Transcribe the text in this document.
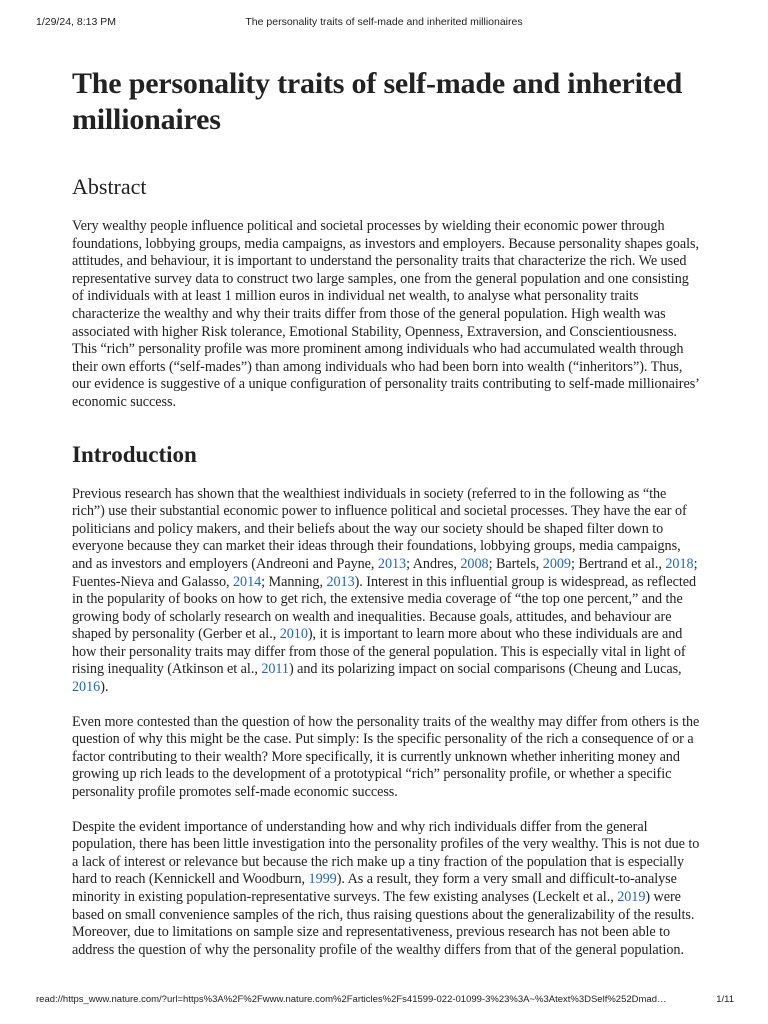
1/29/24, 8:13 PM	The personality traits of self-made and inherited millionaires
The personality traits of self-made and inherited millionaires
Abstract

Very wealthy people influence political and societal processes by wielding their economic power through foundations, lobbying groups, media campaigns, as investors and employers. Because personality shapes goals, attitudes, and behaviour, it is important to understand the personality traits that characterize the rich. We used representative survey data to construct two large samples, one from the general population and one consisting of individuals with at least 1 million euros in individual net wealth, to analyse what personality traits characterize the wealthy and why their traits differ from those of the general population. High wealth was associated with higher Risk tolerance, Emotional Stability, Openness, Extraversion, and Conscientiousness. This “rich” personality profile was more prominent among individuals who had accumulated wealth through their own efforts (“self-mades”) than among individuals who had been born into wealth (“inheritors”). Thus, our evidence is suggestive of a unique configuration of personality traits contributing to self-made millionaires’ economic success.

Introduction

Previous research has shown that the wealthiest individuals in society (referred to in the following as “the rich”) use their substantial economic power to influence political and societal processes. They have the ear of politicians and policy makers, and their beliefs about the way our society should be shaped filter down to everyone because they can market their ideas through their foundations, lobbying groups, media campaigns, and as investors and employers (Andreoni and Payne, 2013; Andres, 2008; Bartels, 2009; Bertrand et al., 2018; Fuentes-Nieva and Galasso, 2014; Manning, 2013). Interest in this influential group is widespread, as reflected in the popularity of books on how to get rich, the extensive media coverage of “the top one percent,” and the growing body of scholarly research on wealth and inequalities. Because goals, attitudes, and behaviour are shaped by personality (Gerber et al., 2010), it is important to learn more about who these individuals are and how their personality traits may differ from those of the general population. This is especially vital in light of rising inequality (Atkinson et al., 2011) and its polarizing impact on social comparisons (Cheung and Lucas, 2016).

Even more contested than the question of how the personality traits of the wealthy may differ from others is the question of why this might be the case. Put simply: Is the specific personality of the rich a consequence of or a factor contributing to their wealth? More specifically, it is currently unknown whether inheriting money and growing up rich leads to the development of a prototypical “rich” personality profile, or whether a specific personality profile promotes self-made economic success.

Despite the evident importance of understanding how and why rich individuals differ from the general population, there has been little investigation into the personality profiles of the very wealthy. This is not due to a lack of interest or relevance but because the rich make up a tiny fraction of the population that is especially hard to reach (Kennickell and Woodburn, 1999). As a result, they form a very small and difficult-to-analyse minority in existing population-representative surveys. The few existing analyses (Leckelt et al., 2019) were based on small convenience samples of the rich, thus raising questions about the generalizability of the results. Moreover, due to limitations on sample size and representativeness, previous research has not been able to address the question of why the personality profile of the wealthy differs from that of the general population.

read://https_www.nature.com/?url=https%3A%2F%2Fwww.nature.com%2Farticles%2Fs41599-022-01099-3%23%3A~%3Atext%3DSelf%252Dmad…	1/11
